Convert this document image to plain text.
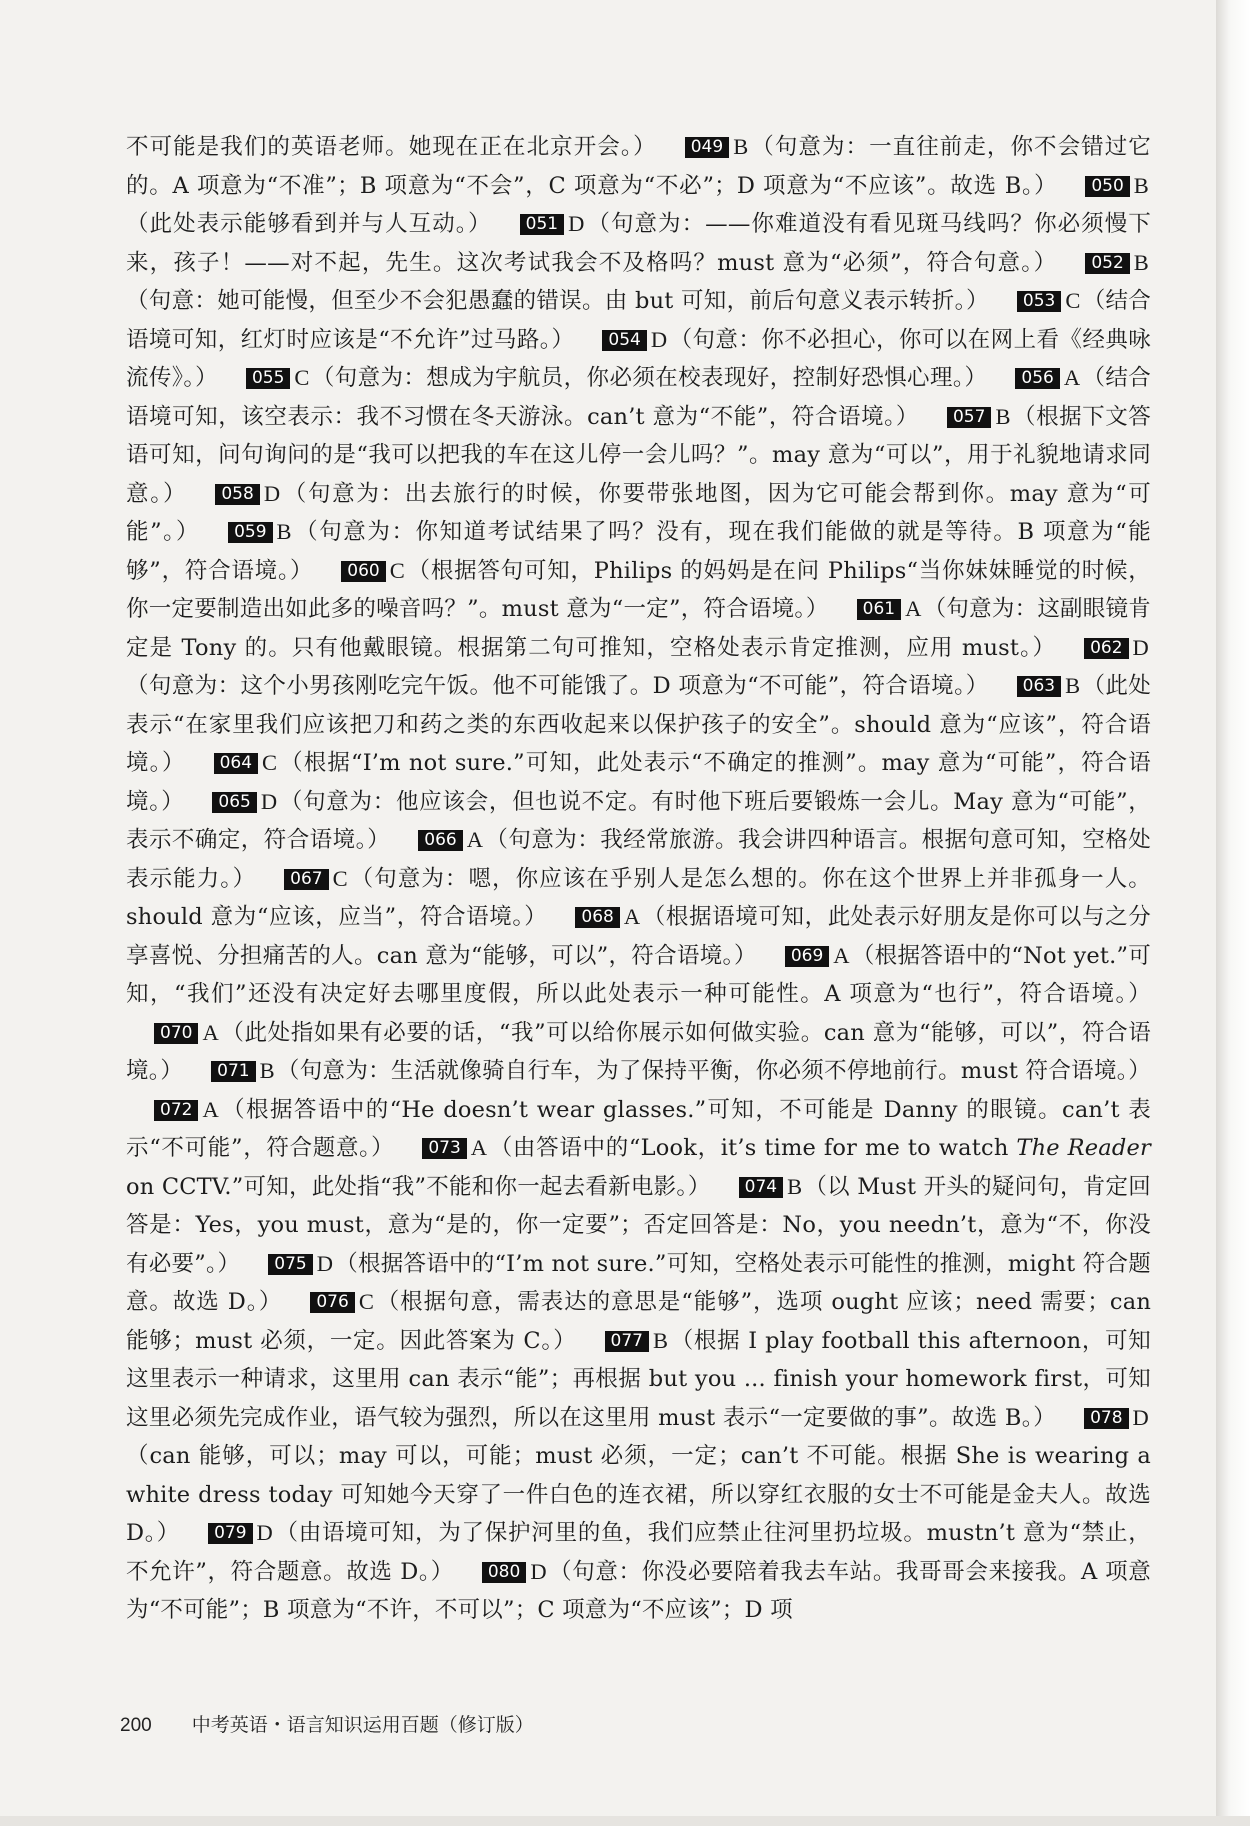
不可能是我们的英语老师。她现在正在北京开会。） 049 B（句意为：一直往前走，你不会错过它的。A 项意为“不准”；B 项意为“不会”，C 项意为“不必”；D 项意为“不应该”。故选 B。） 050 B（此处表示能够看到并与人互动。） 051 D（句意为：——你难道没有看见斑马线吗？你必须慢下来，孩子！——对不起，先生。这次考试我会不及格吗？must 意为“必须”，符合句意。） 052 B（句意：她可能慢，但至少不会犯愚蠢的错误。由 but 可知，前后句意义表示转折。） 053 C（结合语境可知，红灯时应该是“不允许”过马路。） 054 D（句意：你不必担心，你可以在网上看《经典咏流传》。） 055 C（句意为：想成为宇航员，你必须在校表现好，控制好恐惧心理。） 056 A（结合语境可知，该空表示：我不习惯在冬天游泳。can’t 意为“不能”，符合语境。） 057 B（根据下文答语可知，问句询问的是“我可以把我的车在这儿停一会儿吗？”。may 意为“可以”，用于礼貌地请求同意。） 058 D（句意为：出去旅行的时候，你要带张地图，因为它可能会帮到你。may 意为“可能”。） 059 B（句意为：你知道考试结果了吗？没有，现在我们能做的就是等待。B 项意为“能够”，符合语境。） 060 C（根据答句可知，Philips 的妈妈是在问 Philips“当你妹妹睡觉的时候，你一定要制造出如此多的噪音吗？”。must 意为“一定”，符合语境。） 061 A（句意为：这副眼镜肯定是 Tony 的。只有他戴眼镜。根据第二句可推知，空格处表示肯定推测，应用 must。） 062 D（句意为：这个小男孩刚吃完午饭。他不可能饿了。D 项意为“不可能”，符合语境。） 063 B（此处表示“在家里我们应该把刀和药之类的东西收起来以保护孩子的安全”。should 意为“应该”，符合语境。） 064 C（根据“I’m not sure.”可知，此处表示“不确定的推测”。may 意为“可能”，符合语境。） 065 D（句意为：他应该会，但也说不定。有时他下班后要锻炼一会儿。May 意为“可能”，表示不确定，符合语境。） 066 A（句意为：我经常旅游。我会讲四种语言。根据句意可知，空格处表示能力。） 067 C（句意为：嗯，你应该在乎别人是怎么想的。你在这个世界上并非孤身一人。should 意为“应该，应当”，符合语境。） 068 A（根据语境可知，此处表示好朋友是你可以与之分享喜悦、分担痛苦的人。can 意为“能够，可以”，符合语境。） 069 A（根据答语中的“Not yet.”可知，“我们”还没有决定好去哪里度假，所以此处表示一种可能性。A 项意为“也行”，符合语境。）070 A（此处指如果有必要的话，“我”可以给你展示如何做实验。can 意为“能够，可以”，符合语境。） 071 B（句意为：生活就像骑自行车，为了保持平衡，你必须不停地前行。must 符合语境。）072 A（根据答语中的“He doesn’t wear glasses.”可知，不可能是 Danny 的眼镜。can’t 表示“不可能”，符合题意。） 073 A（由答语中的“Look，it’s time for me to watch The Reader on CCTV.”可知，此处指“我”不能和你一起去看新电影。） 074 B（以 Must 开头的疑问句，肯定回答是：Yes，you must，意为“是的，你一定要”；否定回答是：No，you needn’t，意为“不，你没有必要”。） 075 D（根据答语中的“I’m not sure.”可知，空格处表示可能性的推测，might 符合题意。故选 D。） 076 C（根据句意，需表达的意思是“能够”，选项 ought 应该；need 需要；can 能够；must 必须，一定。因此答案为 C。） 077 B（根据 I play football this afternoon，可知这里表示一种请求，这里用 can 表示“能”；再根据 but you ... finish your homework first，可知这里必须先完成作业，语气较为强烈，所以在这里用 must 表示“一定要做的事”。故选 B。） 078 D（can 能够，可以；may 可以，可能；must 必须，一定；can’t 不可能。根据 She is wearing a white dress today 可知她今天穿了一件白色的连衣裙，所以穿红衣服的女士不可能是金夫人。故选 D。） 079 D（由语境可知，为了保护河里的鱼，我们应禁止往河里扔垃圾。mustn’t 意为“禁止，不允许”，符合题意。故选 D。） 080 D（句意：你没必要陪着我去车站。我哥哥会来接我。A 项意为“不可能”；B 项意为“不许，不可以”；C 项意为“不应该”；D 项
200 中考英语・语言知识运用百题（修订版）
